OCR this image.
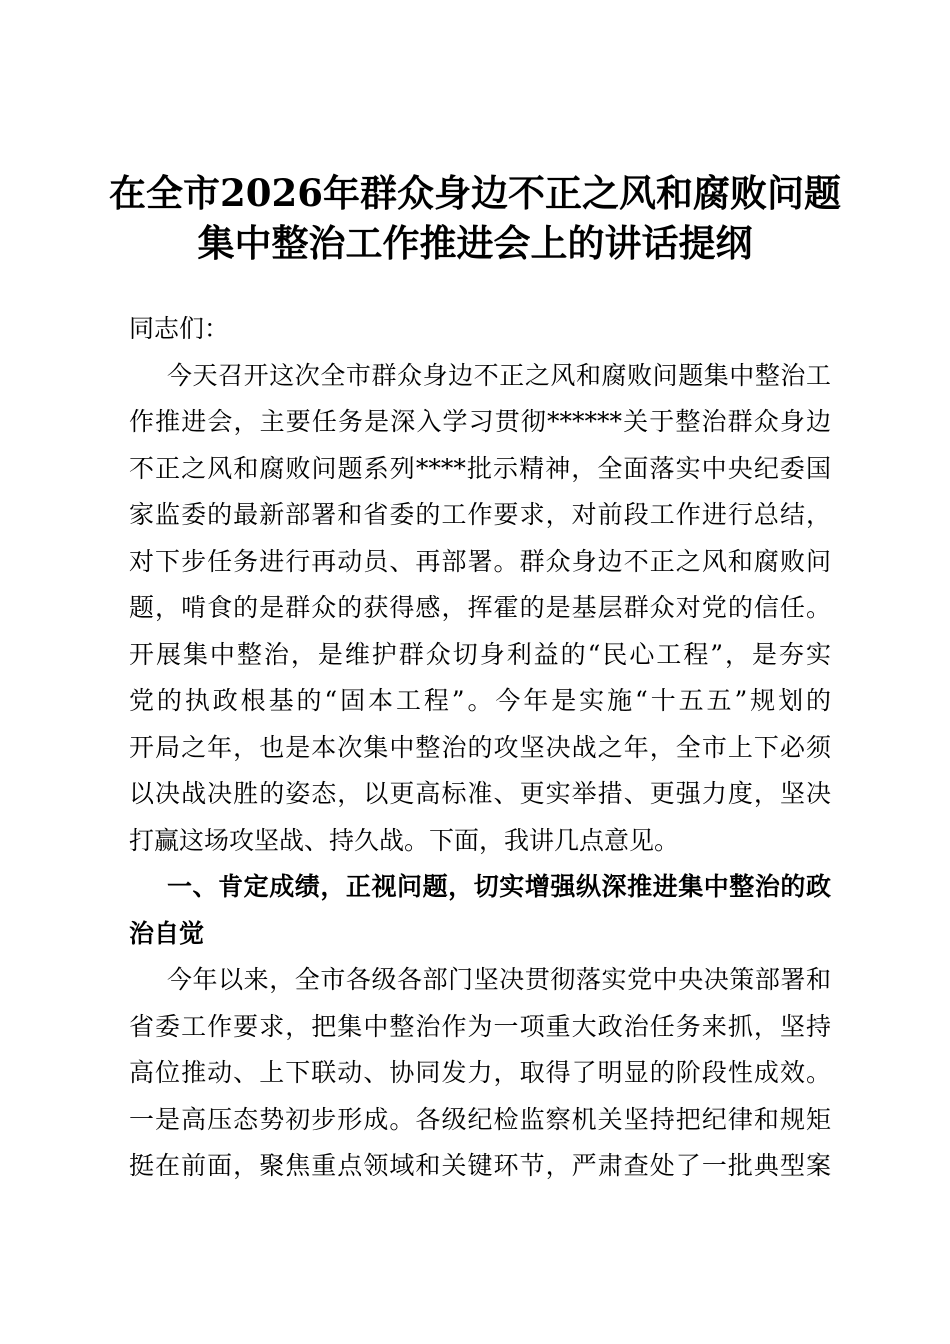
在全市2026年群众身边不正之风和腐败问题
集中整治工作推进会上的讲话提纲
同志们：
今天召开这次全市群众身边不正之风和腐败问题集中整治工
作推进会，主要任务是深入学习贯彻******关于整治群众身边
不正之风和腐败问题系列****批示精神，全面落实中央纪委国
家监委的最新部署和省委的工作要求，对前段工作进行总结，
对下步任务进行再动员、再部署。群众身边不正之风和腐败问
题，啃食的是群众的获得感，挥霍的是基层群众对党的信任。
开展集中整治，是维护群众切身利益的“民心工程”，是夯实
党的执政根基的“固本工程”。今年是实施“十五五”规划的
开局之年，也是本次集中整治的攻坚决战之年，全市上下必须
以决战决胜的姿态，以更高标准、更实举措、更强力度，坚决
打赢这场攻坚战、持久战。下面，我讲几点意见。
一、肯定成绩，正视问题，切实增强纵深推进集中整治的政
治自觉
今年以来，全市各级各部门坚决贯彻落实党中央决策部署和
省委工作要求，把集中整治作为一项重大政治任务来抓，坚持
高位推动、上下联动、协同发力，取得了明显的阶段性成效。
一是高压态势初步形成。各级纪检监察机关坚持把纪律和规矩
挺在前面，聚焦重点领域和关键环节，严肃查处了一批典型案
